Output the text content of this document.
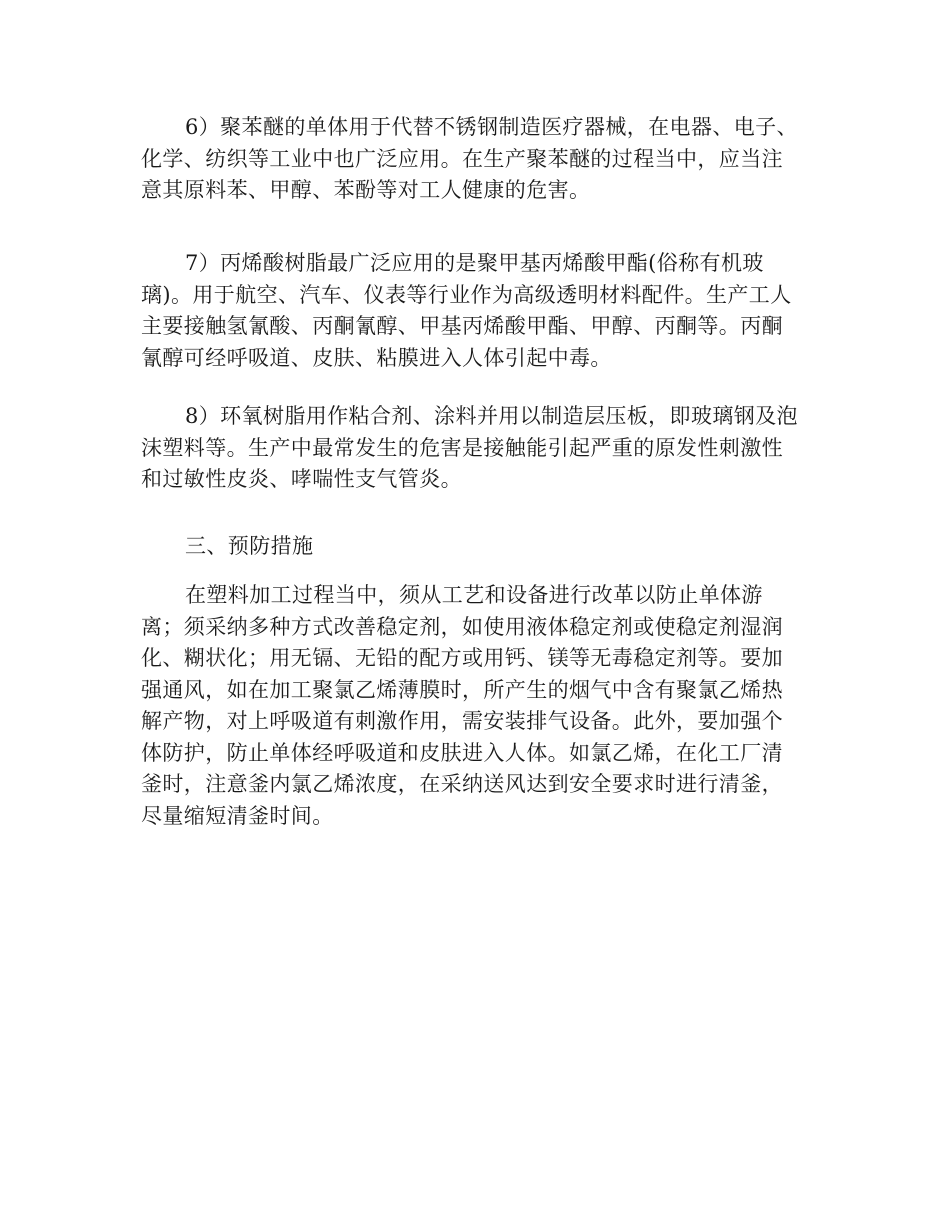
6）聚苯醚的单体用于代替不锈钢制造医疗器械，在电器、电子、
化学、纺织等工业中也广泛应用。在生产聚苯醚的过程当中，应当注
意其原料苯、甲醇、苯酚等对工人健康的危害。
7）丙烯酸树脂最广泛应用的是聚甲基丙烯酸甲酯(俗称有机玻
璃)。用于航空、汽车、仪表等行业作为高级透明材料配件。生产工人
主要接触氢氰酸、丙酮氰醇、甲基丙烯酸甲酯、甲醇、丙酮等。丙酮
氰醇可经呼吸道、皮肤、粘膜进入人体引起中毒。
8）环氧树脂用作粘合剂、涂料并用以制造层压板，即玻璃钢及泡
沫塑料等。生产中最常发生的危害是接触能引起严重的原发性刺激性
和过敏性皮炎、哮喘性支气管炎。
三、预防措施
在塑料加工过程当中，须从工艺和设备进行改革以防止单体游
离；须采纳多种方式改善稳定剂，如使用液体稳定剂或使稳定剂湿润
化、糊状化；用无镉、无铅的配方或用钙、镁等无毒稳定剂等。要加
强通风，如在加工聚氯乙烯薄膜时，所产生的烟气中含有聚氯乙烯热
解产物，对上呼吸道有刺激作用，需安装排气设备。此外，要加强个
体防护，防止单体经呼吸道和皮肤进入人体。如氯乙烯，在化工厂清
釜时，注意釜内氯乙烯浓度，在采纳送风达到安全要求时进行清釜，
尽量缩短清釜时间。
